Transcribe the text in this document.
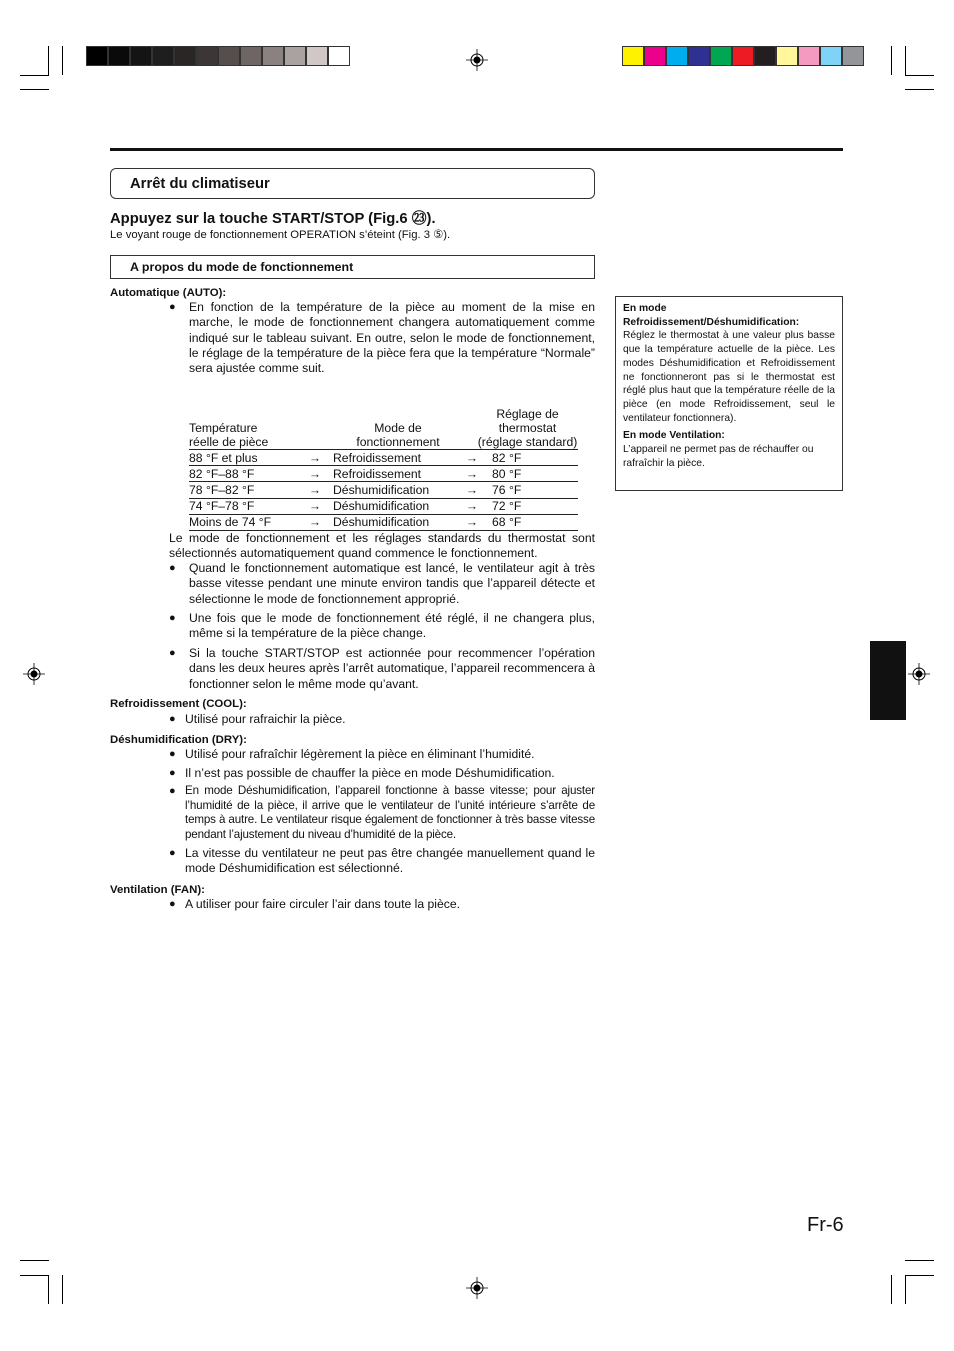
Arrêt du climatiseur
Appuyez sur la touche START/STOP (Fig.6 ㉓).
Le voyant rouge de fonctionnement OPERATION s’éteint (Fig. 3 ⑤).
A propos du mode de fonctionnement
Automatique (AUTO):
●	En fonction de la température de la pièce au moment de la mise en marche, le mode de fonctionnement changera automatiquement comme indiqué sur le tableau suivant. En outre, selon le mode de fonctionnement, le réglage de la température de la pièce fera que la température “Normale” sera ajustée comme suit.

Température réelle de pièce	Mode de fonctionnement	Réglage de thermostat (réglage standard)
88 °F et plus →	Refroidissement →	82 °F
82 °F–88 °F →	Refroidissement →	80 °F
78 °F–82 °F →	Déshumidification →	76 °F
74 °F–78 °F →	Déshumidification →	72 °F
Moins de 74 °F →	Déshumidification →	68 °F
Le mode de fonctionnement et les réglages standards du thermostat sont sélectionnés automatiquement quand commence le fonctionnement.
●	Quand le fonctionnement automatique est lancé, le ventilateur agit à très basse vitesse pendant une minute environ tandis que l’appareil détecte et sélectionne le mode de fonctionnement approprié.

●	Une fois que le mode de fonctionnement été réglé, il ne changera plus, même si la température de la pièce change.

●	Si la touche START/STOP est actionnée pour recommencer l’opération dans les deux heures après l’arrêt automatique, l’appareil recommencera à fonctionner selon le même mode qu’avant.

Refroidissement (COOL):
● Utilisé pour rafraichir la pièce.

Déshumidification (DRY):
● Utilisé pour rafraîchir légèrement la pièce en éliminant l’humidité.

● Il n’est pas possible de chauffer la pièce en mode Déshumidification.

● En mode Déshumidification, l’appareil fonctionne à basse vitesse; pour ajuster l’humidité de la pièce, il arrive que le ventilateur de l’unité intérieure s’arrête de temps à autre. Le ventilateur risque également de fonctionner à très basse vitesse pendant l’ajustement du niveau d’humidité de la pièce.

● La vitesse du ventilateur ne peut pas être changée manuellement quand le mode Déshumidification est sélectionné.

Ventilation (FAN):
● A utiliser pour faire circuler l’air dans toute la pièce.

En mode Refroidissement/Déshumidification:
Réglez le thermostat à une valeur plus basse que la température actuelle de la pièce. Les modes Déshumidification et Refroidissement ne fonctionneront pas si le thermostat est réglé plus haut que la température réelle de la pièce (en mode Refroidissement, seul le ventilateur fonctionnera).
En mode Ventilation:
L’appareil ne permet pas de réchauffer ou rafraîchir la pièce.
Fr-6
